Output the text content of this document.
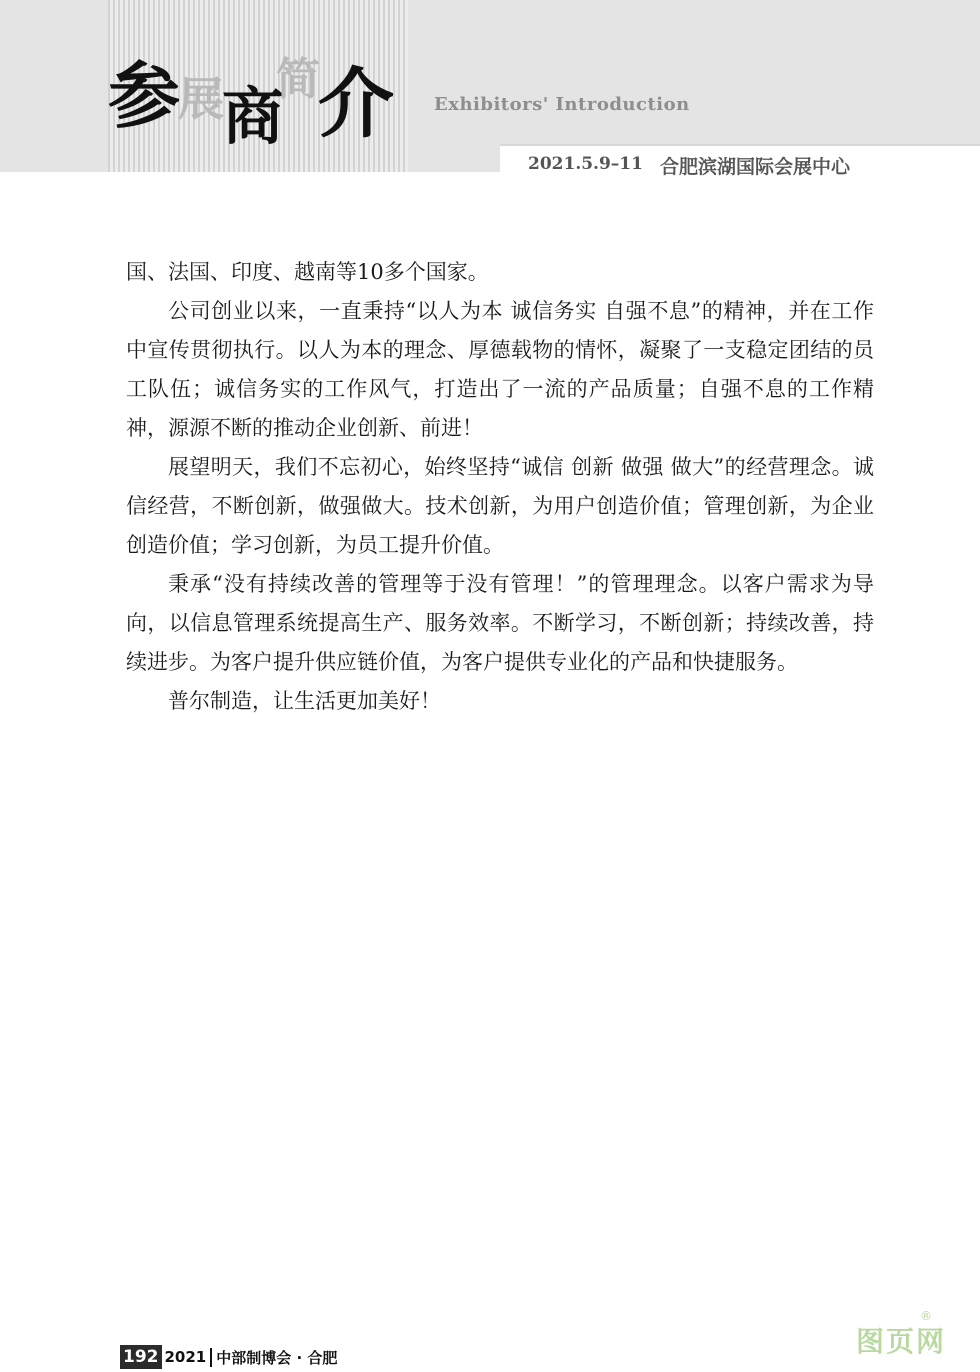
参
展
商
简
介 Exhibitors' Introduction
2021.5.9–11 合肥滨湖国际会展中心

国、法国、印度、越南等10多个国家。

公司创业以来，一直秉持“以人为本 诚信务实 自强不息”的精神，并在工作中宣传贯彻执行。以人为本的理念、厚德载物的情怀，凝聚了一支稳定团结的员工队伍；诚信务实的工作风气，打造出了一流的产品质量；自强不息的工作精神，源源不断的推动企业创新、前进！

展望明天，我们不忘初心，始终坚持“诚信 创新 做强 做大”的经营理念。诚信经营，不断创新，做强做大。技术创新，为用户创造价值；管理创新，为企业创造价值；学习创新，为员工提升价值。

秉承“没有持续改善的管理等于没有管理！”的管理理念。以客户需求为导向，以信息管理系统提高生产、服务效率。不断学习，不断创新；持续改善，持续进步。为客户提升供应链价值，为客户提供专业化的产品和快捷服务。

普尔制造，让生活更加美好！

192 2021 中部制博会 · 合肥	图页网
®
